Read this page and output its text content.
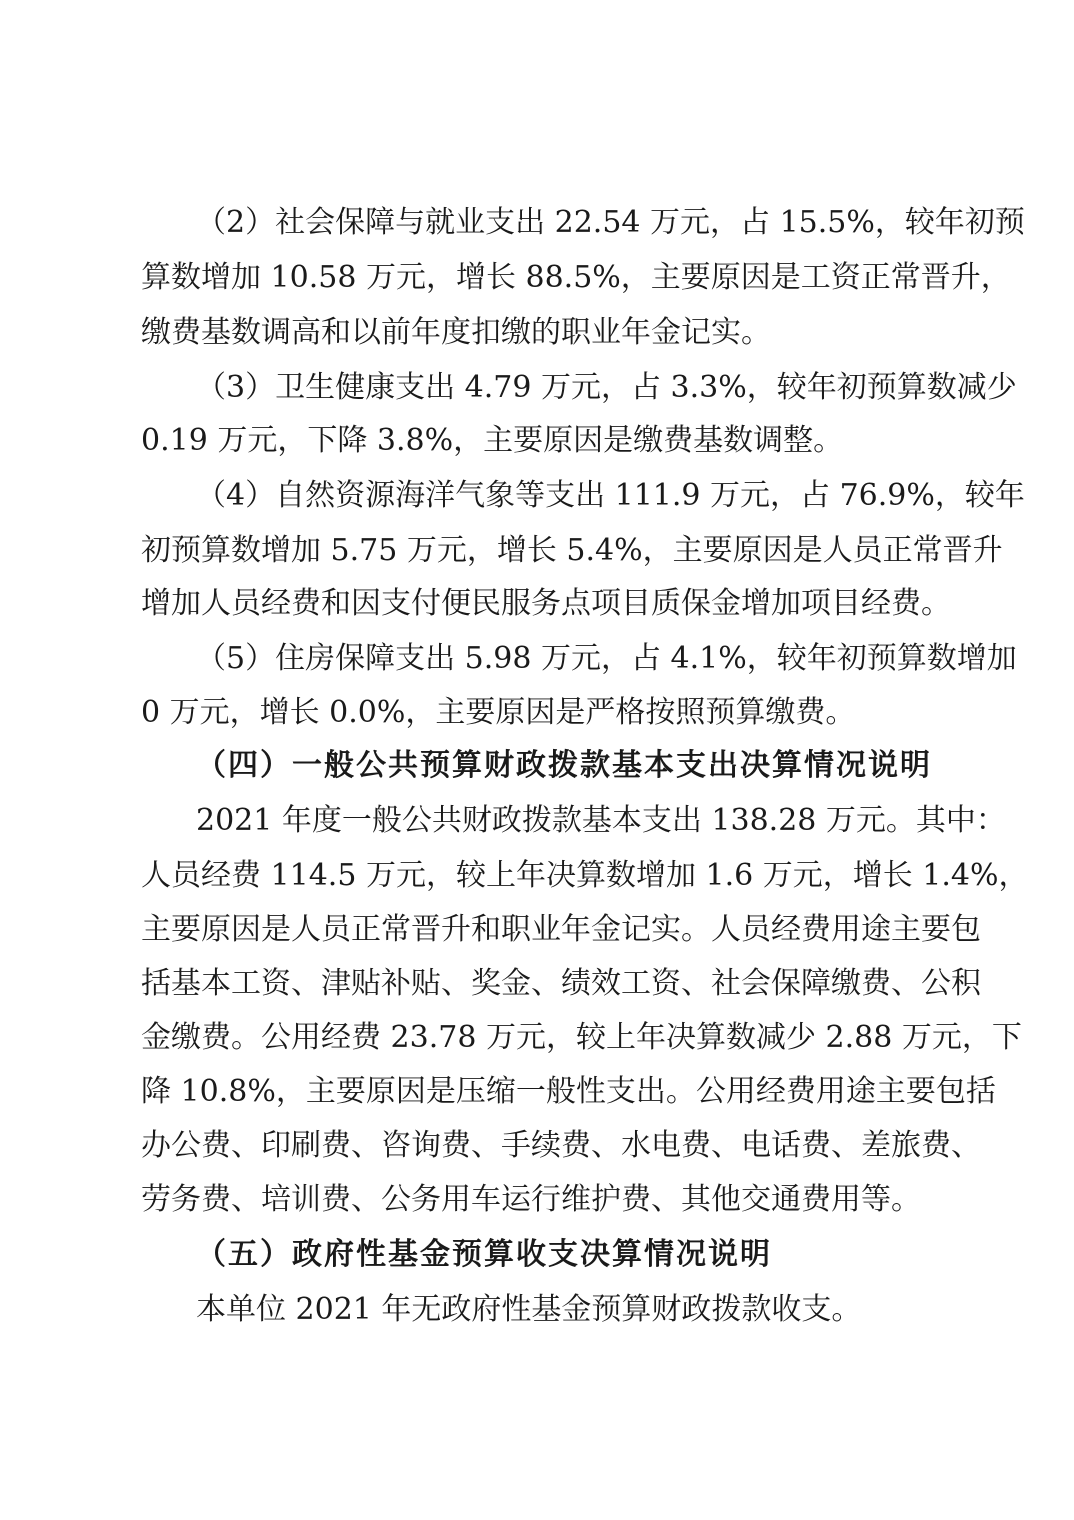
（2）社会保障与就业支出 22.54 万元，占 15.5%，较年初预
算数增加 10.58 万元，增长 88.5%，主要原因是工资正常晋升，
缴费基数调高和以前年度扣缴的职业年金记实。
（3）卫生健康支出 4.79 万元，占 3.3%，较年初预算数减少
0.19 万元，下降 3.8%，主要原因是缴费基数调整。
（4）自然资源海洋气象等支出 111.9 万元，占 76.9%，较年
初预算数增加 5.75 万元，增长 5.4%，主要原因是人员正常晋升
增加人员经费和因支付便民服务点项目质保金增加项目经费。
（5）住房保障支出 5.98 万元，占 4.1%，较年初预算数增加
0 万元，增长 0.0%，主要原因是严格按照预算缴费。
（四）一般公共预算财政拨款基本支出决算情况说明
2021 年度一般公共财政拨款基本支出 138.28 万元。其中：
人员经费 114.5 万元，较上年决算数增加 1.6 万元，增长 1.4%，
主要原因是人员正常晋升和职业年金记实。人员经费用途主要包
括基本工资、津贴补贴、奖金、绩效工资、社会保障缴费、公积
金缴费。公用经费 23.78 万元，较上年决算数减少 2.88 万元，下
降 10.8%，主要原因是压缩一般性支出。公用经费用途主要包括
办公费、印刷费、咨询费、手续费、水电费、电话费、差旅费、
劳务费、培训费、公务用车运行维护费、其他交通费用等。
（五）政府性基金预算收支决算情况说明
本单位 2021 年无政府性基金预算财政拨款收支。
